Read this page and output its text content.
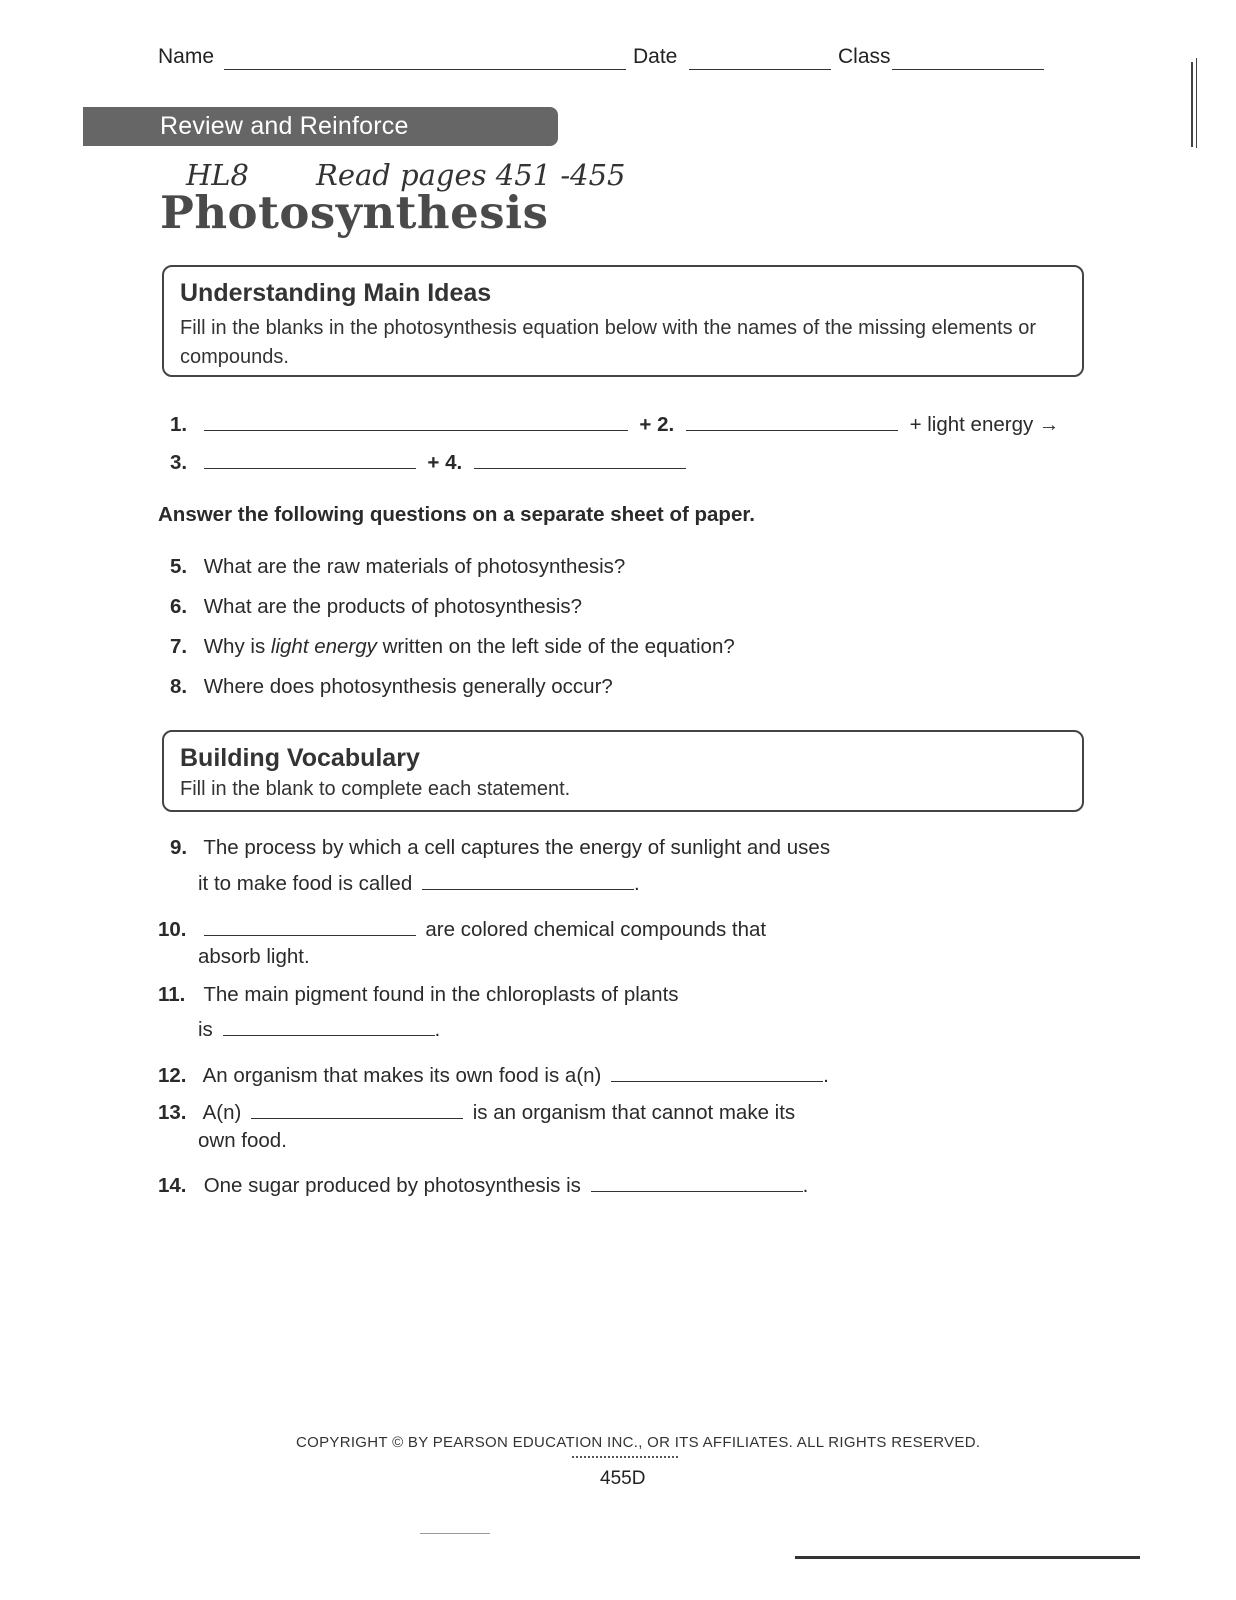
Name	Date	Class
Review and Reinforce
HL8 Read pages 451 -455
Photosynthesis
Understanding Main Ideas
Fill in the blanks in the photosynthesis equation below with the names of the missing elements or compounds.
1.	+ 2.	+ light energy →
3.	+ 4.
Answer the following questions on a separate sheet of paper.
5. What are the raw materials of photosynthesis?
6. What are the products of photosynthesis?
7. Why is light energy written on the left side of the equation?
8. Where does photosynthesis generally occur?
Building Vocabulary
Fill in the blank to complete each statement.
9. The process by which a cell captures the energy of sunlight and uses
it to make food is called	.
10.	are colored chemical compounds that
absorb light.
11. The main pigment found in the chloroplasts of plants
is	.
12. An organism that makes its own food is a(n)	.
13. A(n)	is an organism that cannot make its
own food.
14. One sugar produced by photosynthesis is	.
COPYRIGHT © BY PEARSON EDUCATION INC., OR ITS AFFILIATES. ALL RIGHTS RESERVED.
455D
